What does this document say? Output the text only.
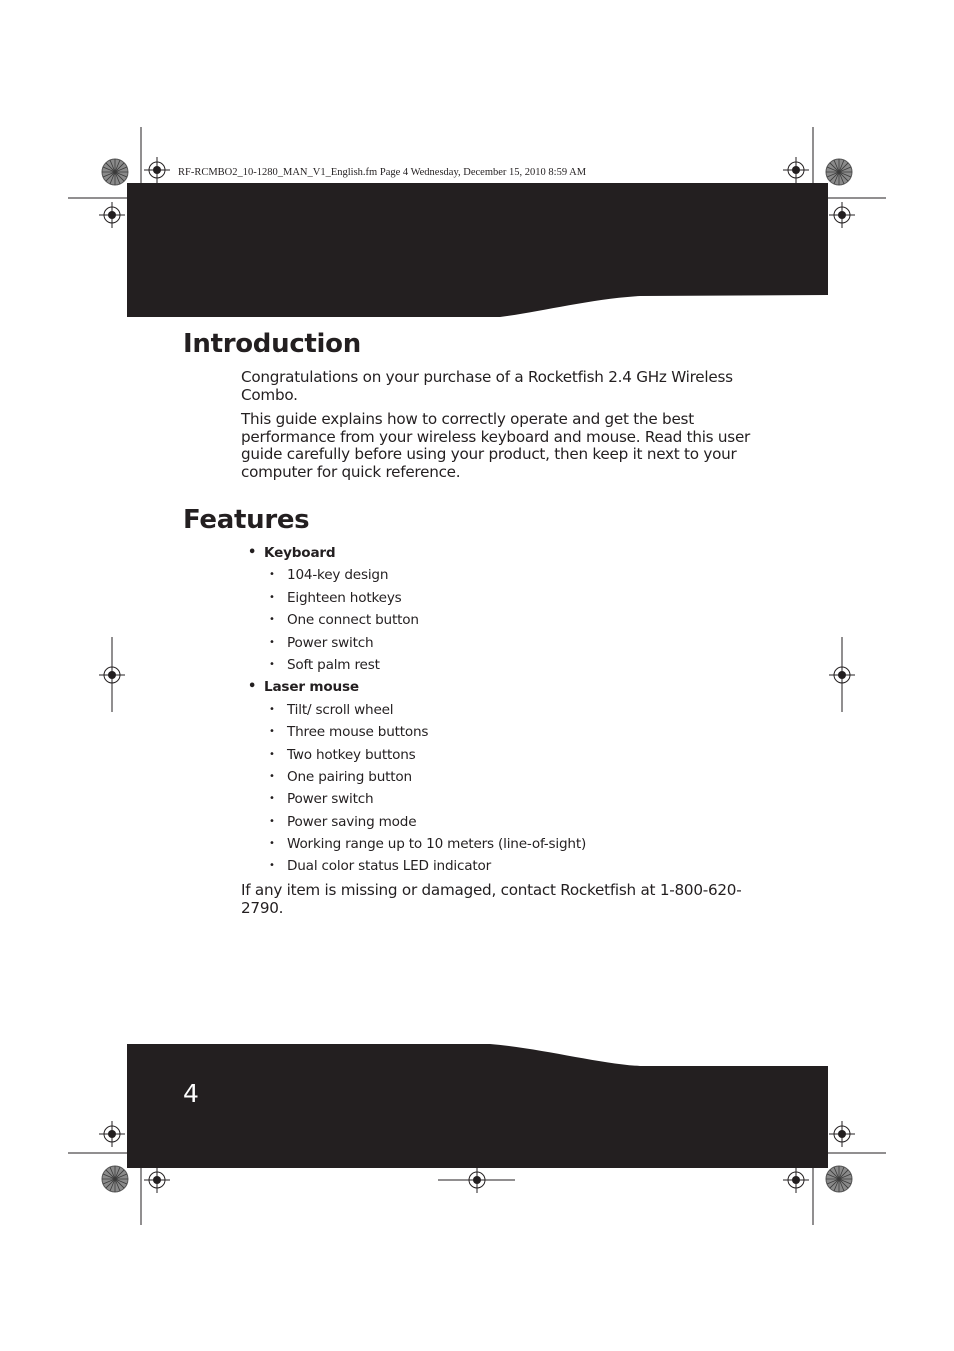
RF-RCMBO2_10-1280_MAN_V1_English.fm Page 4 Wednesday, December 15, 2010 8:59 AM
Introduction
Congratulations on your purchase of a Rocketfish 2.4 GHz Wireless Combo.
This guide explains how to correctly operate and get the best performance from your wireless keyboard and mouse. Read this user guide carefully before using your product, then keep it next to your computer for quick reference.
Features
• Keyboard
• 104-key design
• Eighteen hotkeys
• One connect button
• Power switch
• Soft palm rest
• Laser mouse
• Tilt/ scroll wheel
• Three mouse buttons
• Two hotkey buttons
• One pairing button
• Power switch
• Power saving mode
• Working range up to 10 meters (line-of-sight)
• Dual color status LED indicator
If any item is missing or damaged, contact Rocketfish at 1-800-620-2790.
4
